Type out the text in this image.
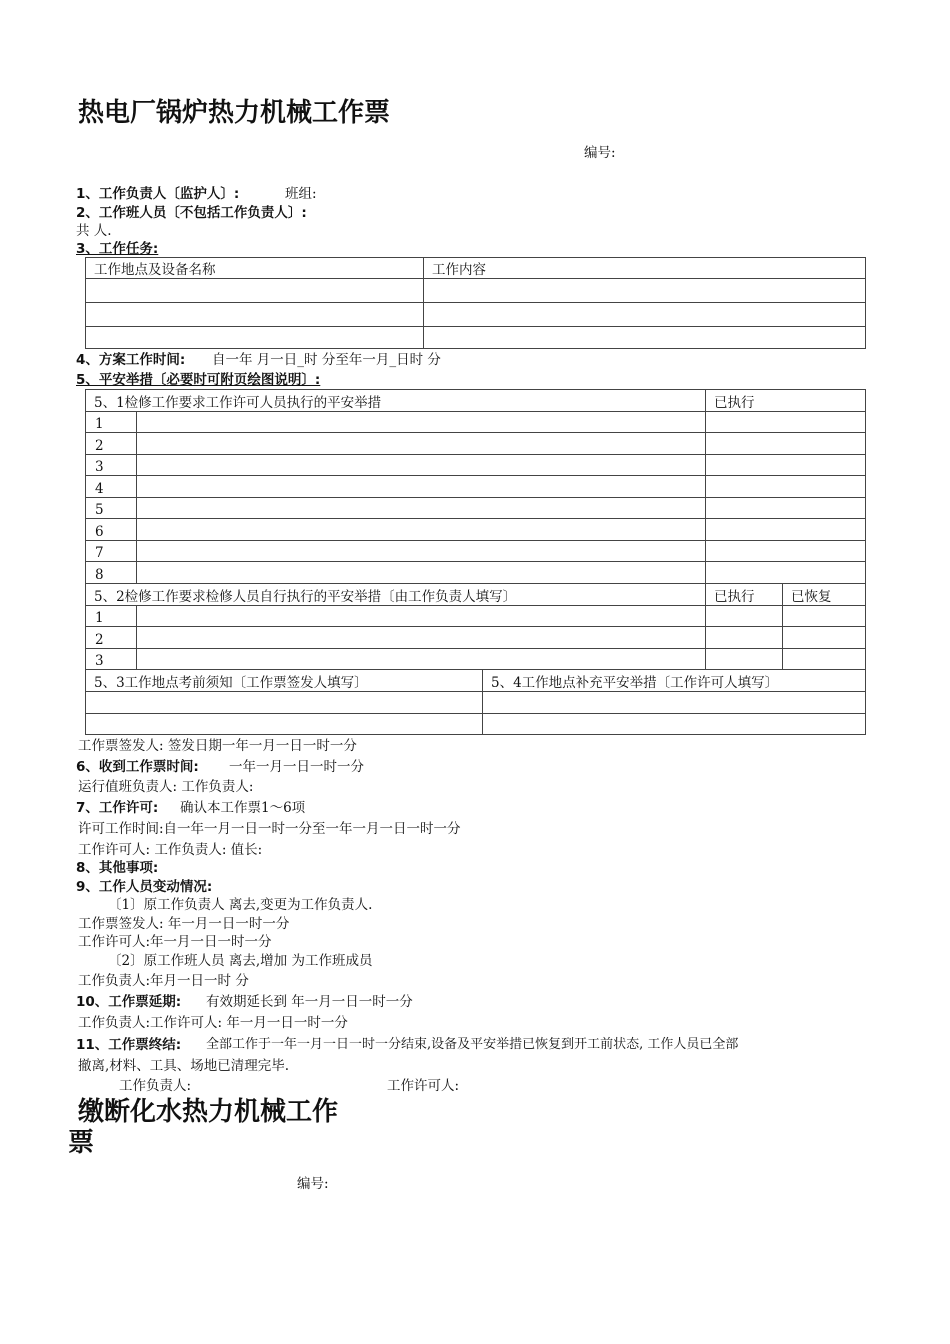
热电厂锅炉热力机械工作票
编号:
1、工作负责人〔监护人〕:	班组:
2、工作班人员〔不包括工作负责人〕:
共 人.
3、工作任务:
工作地点及设备名称	工作内容

4、方案工作时间: 自一年 月一日_时 分至年一月_日时 分
5、平安举措〔必要时可附页绘图说明〕:
5、1检修工作要求工作许可人员执行的平安举措			已执行	
1				
2				
3				
4				
5				
6				
7				
8				
5、2检修工作要求检修人员自行执行的平安举措〔由工作负责人填写〕			已执行	已恢复
1				
2				
3				
5、3工作地点考前须知〔工作票签发人填写〕		5、4工作地点补充平安举措〔工作许可人填写〕		

工作票签发人: 签发日期一年一月一日一时一分
6、收到工作票时间: 一年一月一日一时一分
运行值班负责人: 工作负责人:
7、工作许可: 确认本工作票1〜6项
许可工作时间:自一年一月一日一时一分至一年一月一日一时一分
工作许可人: 工作负责人: 值长:
8、其他事项:
9、工作人员变动情况:
〔1〕原工作负责人 离去,变更为工作负责人.
工作票签发人: 年一月一日一时一分
工作许可人:年一月一日一时一分
〔2〕原工作班人员 离去,增加 为工作班成员
工作负责人:年月一日一时 分
10、工作票延期: 有效期延长到 年一月一日一时一分
工作负责人:工作许可人: 年一月一日一时一分
11、工作票终结: 全部工作于一年一月一日一时一分结束,设备及平安举措已恢复到开工前状态, 工作人员已全部
撤离,材料、工具、场地已清理完毕.
工作负责人:	工作许可人:
缴断化水热力机械工作
票
编号:
